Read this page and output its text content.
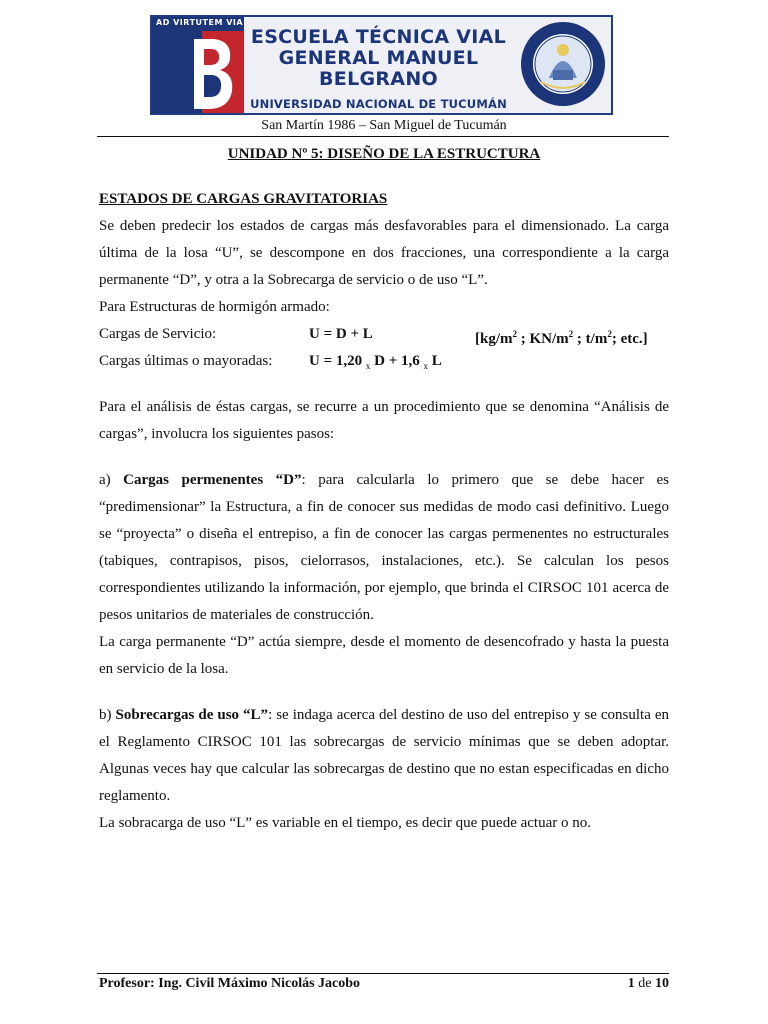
AD VIRTUTEM VIA
ESCUELA TÉCNICA VIAL
GENERAL MANUEL
BELGRANO
UNIVERSIDAD NACIONAL DE TUCUMÁN
San Martín 1986 – San Miguel de Tucumán
UNIDAD Nº 5: DISEÑO DE LA ESTRUCTURA
ESTADOS DE CARGAS GRAVITATORIAS

Se deben predecir los estados de cargas más desfavorables para el dimensionado. La carga última de la losa “U”, se descompone en dos fracciones, una correspondiente a la carga permanente “D”, y otra a la Sobrecarga de servicio o de uso “L”.

Para Estructuras de hormigón armado:

Cargas de Servicio:	U = D + L	[$kg/m^2$ ; $KN/m^2$ ; $t/m^2$; etc.]
Cargas últimas o mayoradas:	U = 1,20 $_x$ D + 1,6 $_x$ L

Para el análisis de éstas cargas, se recurre a un procedimiento que se denomina “Análisis de cargas”, involucra los siguientes pasos:

a) Cargas permenentes “D”: para calcularla lo primero que se debe hacer es “predimensionar” la Estructura, a fin de conocer sus medidas de modo casi definitivo. Luego se “proyecta” o diseña el entrepiso, a fin de conocer las cargas permenentes no estructurales (tabiques, contrapisos, pisos, cielorrasos, instalaciones, etc.). Se calculan los pesos correspondientes utilizando la información, por ejemplo, que brinda el CIRSOC 101 acerca de pesos unitarios de materiales de construcción.

La carga permanente “D” actúa siempre, desde el momento de desencofrado y hasta la puesta en servicio de la losa.

b) Sobrecargas de uso “L”: se indaga acerca del destino de uso del entrepiso y se consulta en el Reglamento CIRSOC 101 las sobrecargas de servicio mínimas que se deben adoptar. Algunas veces hay que calcular las sobrecargas de destino que no estan especificadas en dicho reglamento.

La sobracarga de uso “L” es variable en el tiempo, es decir que puede actuar o no.

Profesor: Ing. Civil Máximo Nicolás Jacobo	1 de 10
